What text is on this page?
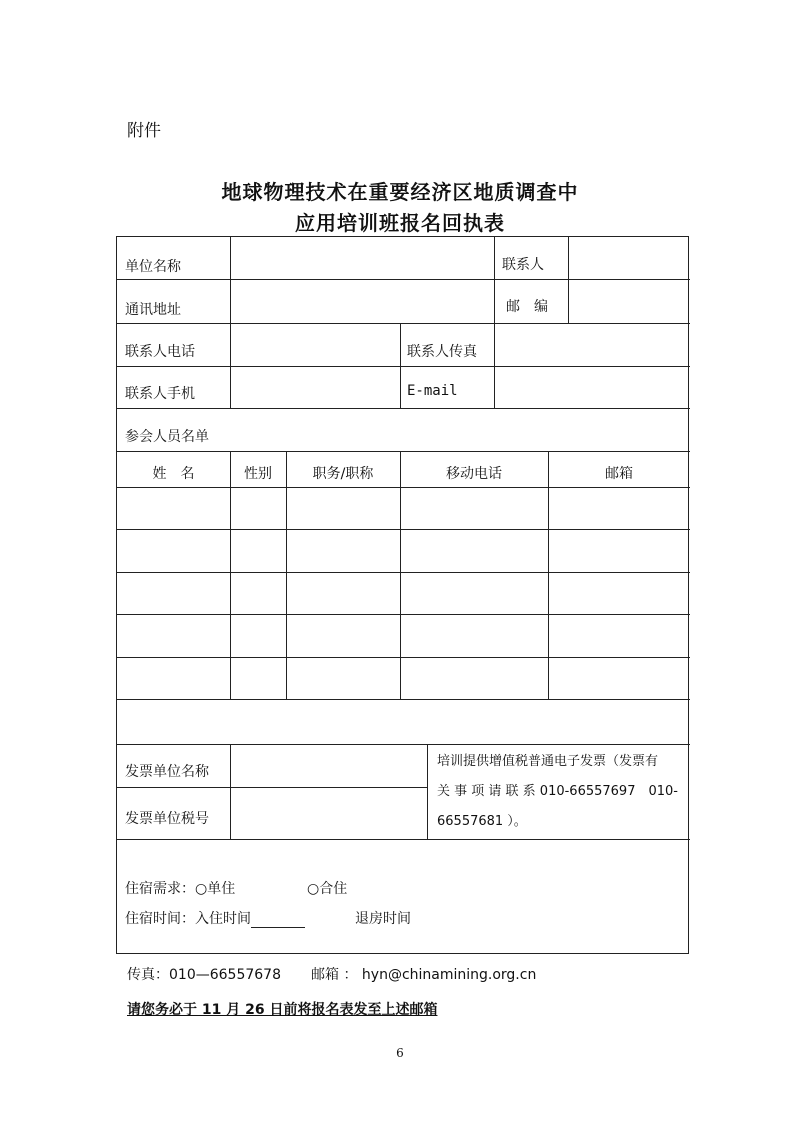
附件
地球物理技术在重要经济区地质调查中
应用培训班报名回执表
单位名称	联系人
通讯地址	邮　编
联系人电话	联系人传真
联系人手机	E-mail
参会人员名单
姓　名	性别	职务/职称	移动电话	邮箱
发票单位名称
发票单位税号
培训提供增值税普通电子发票（发票有
关 事 项 请 联 系 010-66557697　010-
66557681 ）。
住宿需求：○单住	○合住
住宿时间：入住时间	退房时间
传真：010—66557678 邮箱 ： hyn@chinamining.org.cn
请您务必于 11 月 26 日前将报名表发至上述邮箱
6
